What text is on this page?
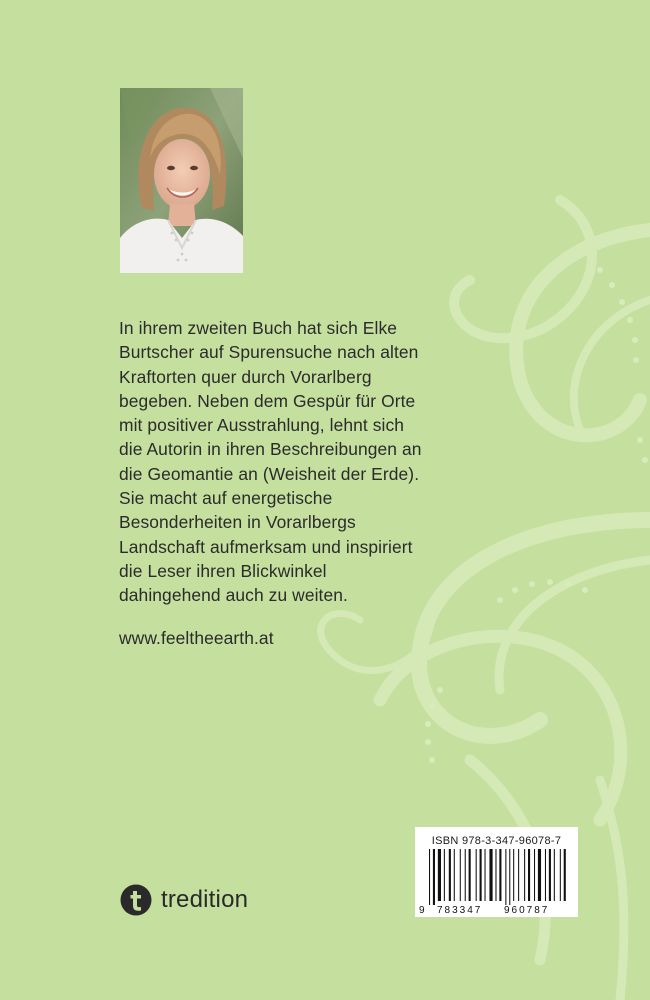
In ihrem zweiten Buch hat sich Elke
Burtscher auf Spurensuche nach alten
Kraftorten quer durch Vorarlberg
begeben. Neben dem Gespür für Orte
mit positiver Ausstrahlung, lehnt sich
die Autorin in ihren Beschreibungen an
die Geomantie an (Weisheit der Erde).
Sie macht auf energetische
Besonderheiten in Vorarlbergs
Landschaft aufmerksam und inspiriert
die Leser ihren Blickwinkel
dahingehend auch zu weiten.

www.feeltheearth.at
tredition
ISBN 978-3-347-96078-7
9 783347 960787
